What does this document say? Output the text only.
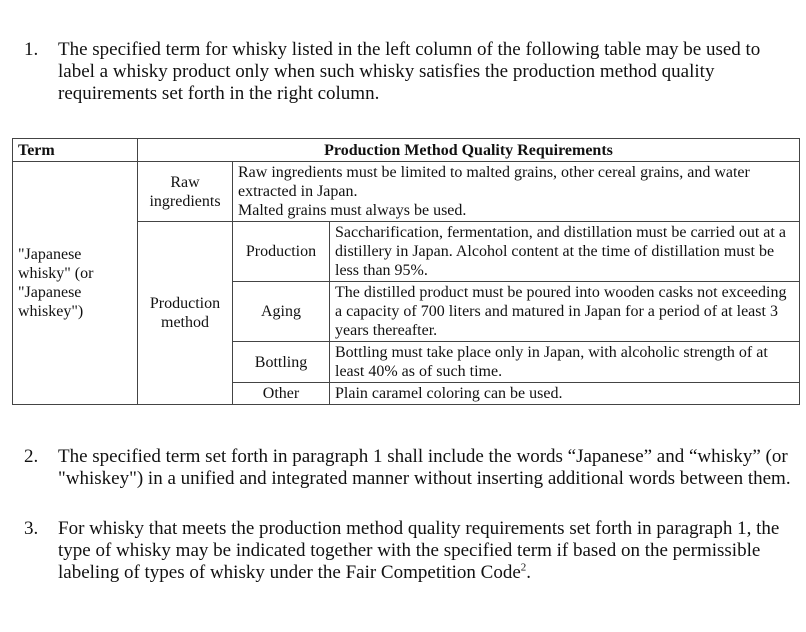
1.	The specified term for whisky listed in the left column of the following table may be used to label a whisky product only when such whisky satisfies the production method quality requirements set forth in the right column.
Term	Production Method Quality Requirements		
"Japanese whisky" (or "Japanese whiskey")	Raw ingredients	Raw ingredients must be limited to malted grains, other cereal grains, and water extracted in Japan.
Malted grains must always be used.	

	Production method	Production	Saccharification, fermentation, and distillation must be carried out at a distillery in Japan. Alcohol content at the time of distillation must be less than 95%.
		Aging	The distilled product must be poured into wooden casks not exceeding a capacity of 700 liters and matured in Japan for a period of at least 3 years thereafter.
		Bottling	Bottling must take place only in Japan, with alcoholic strength of at least 40% as of such time.
		Other	Plain caramel coloring can be used.
2.	The specified term set forth in paragraph 1 shall include the words “Japanese” and “whisky” (or "whiskey") in a unified and integrated manner without inserting additional words between them.
3.	For whisky that meets the production method quality requirements set forth in paragraph 1, the type of whisky may be indicated together with the specified term if based on the permissible labeling of types of whisky under the Fair Competition Code$^2$.
